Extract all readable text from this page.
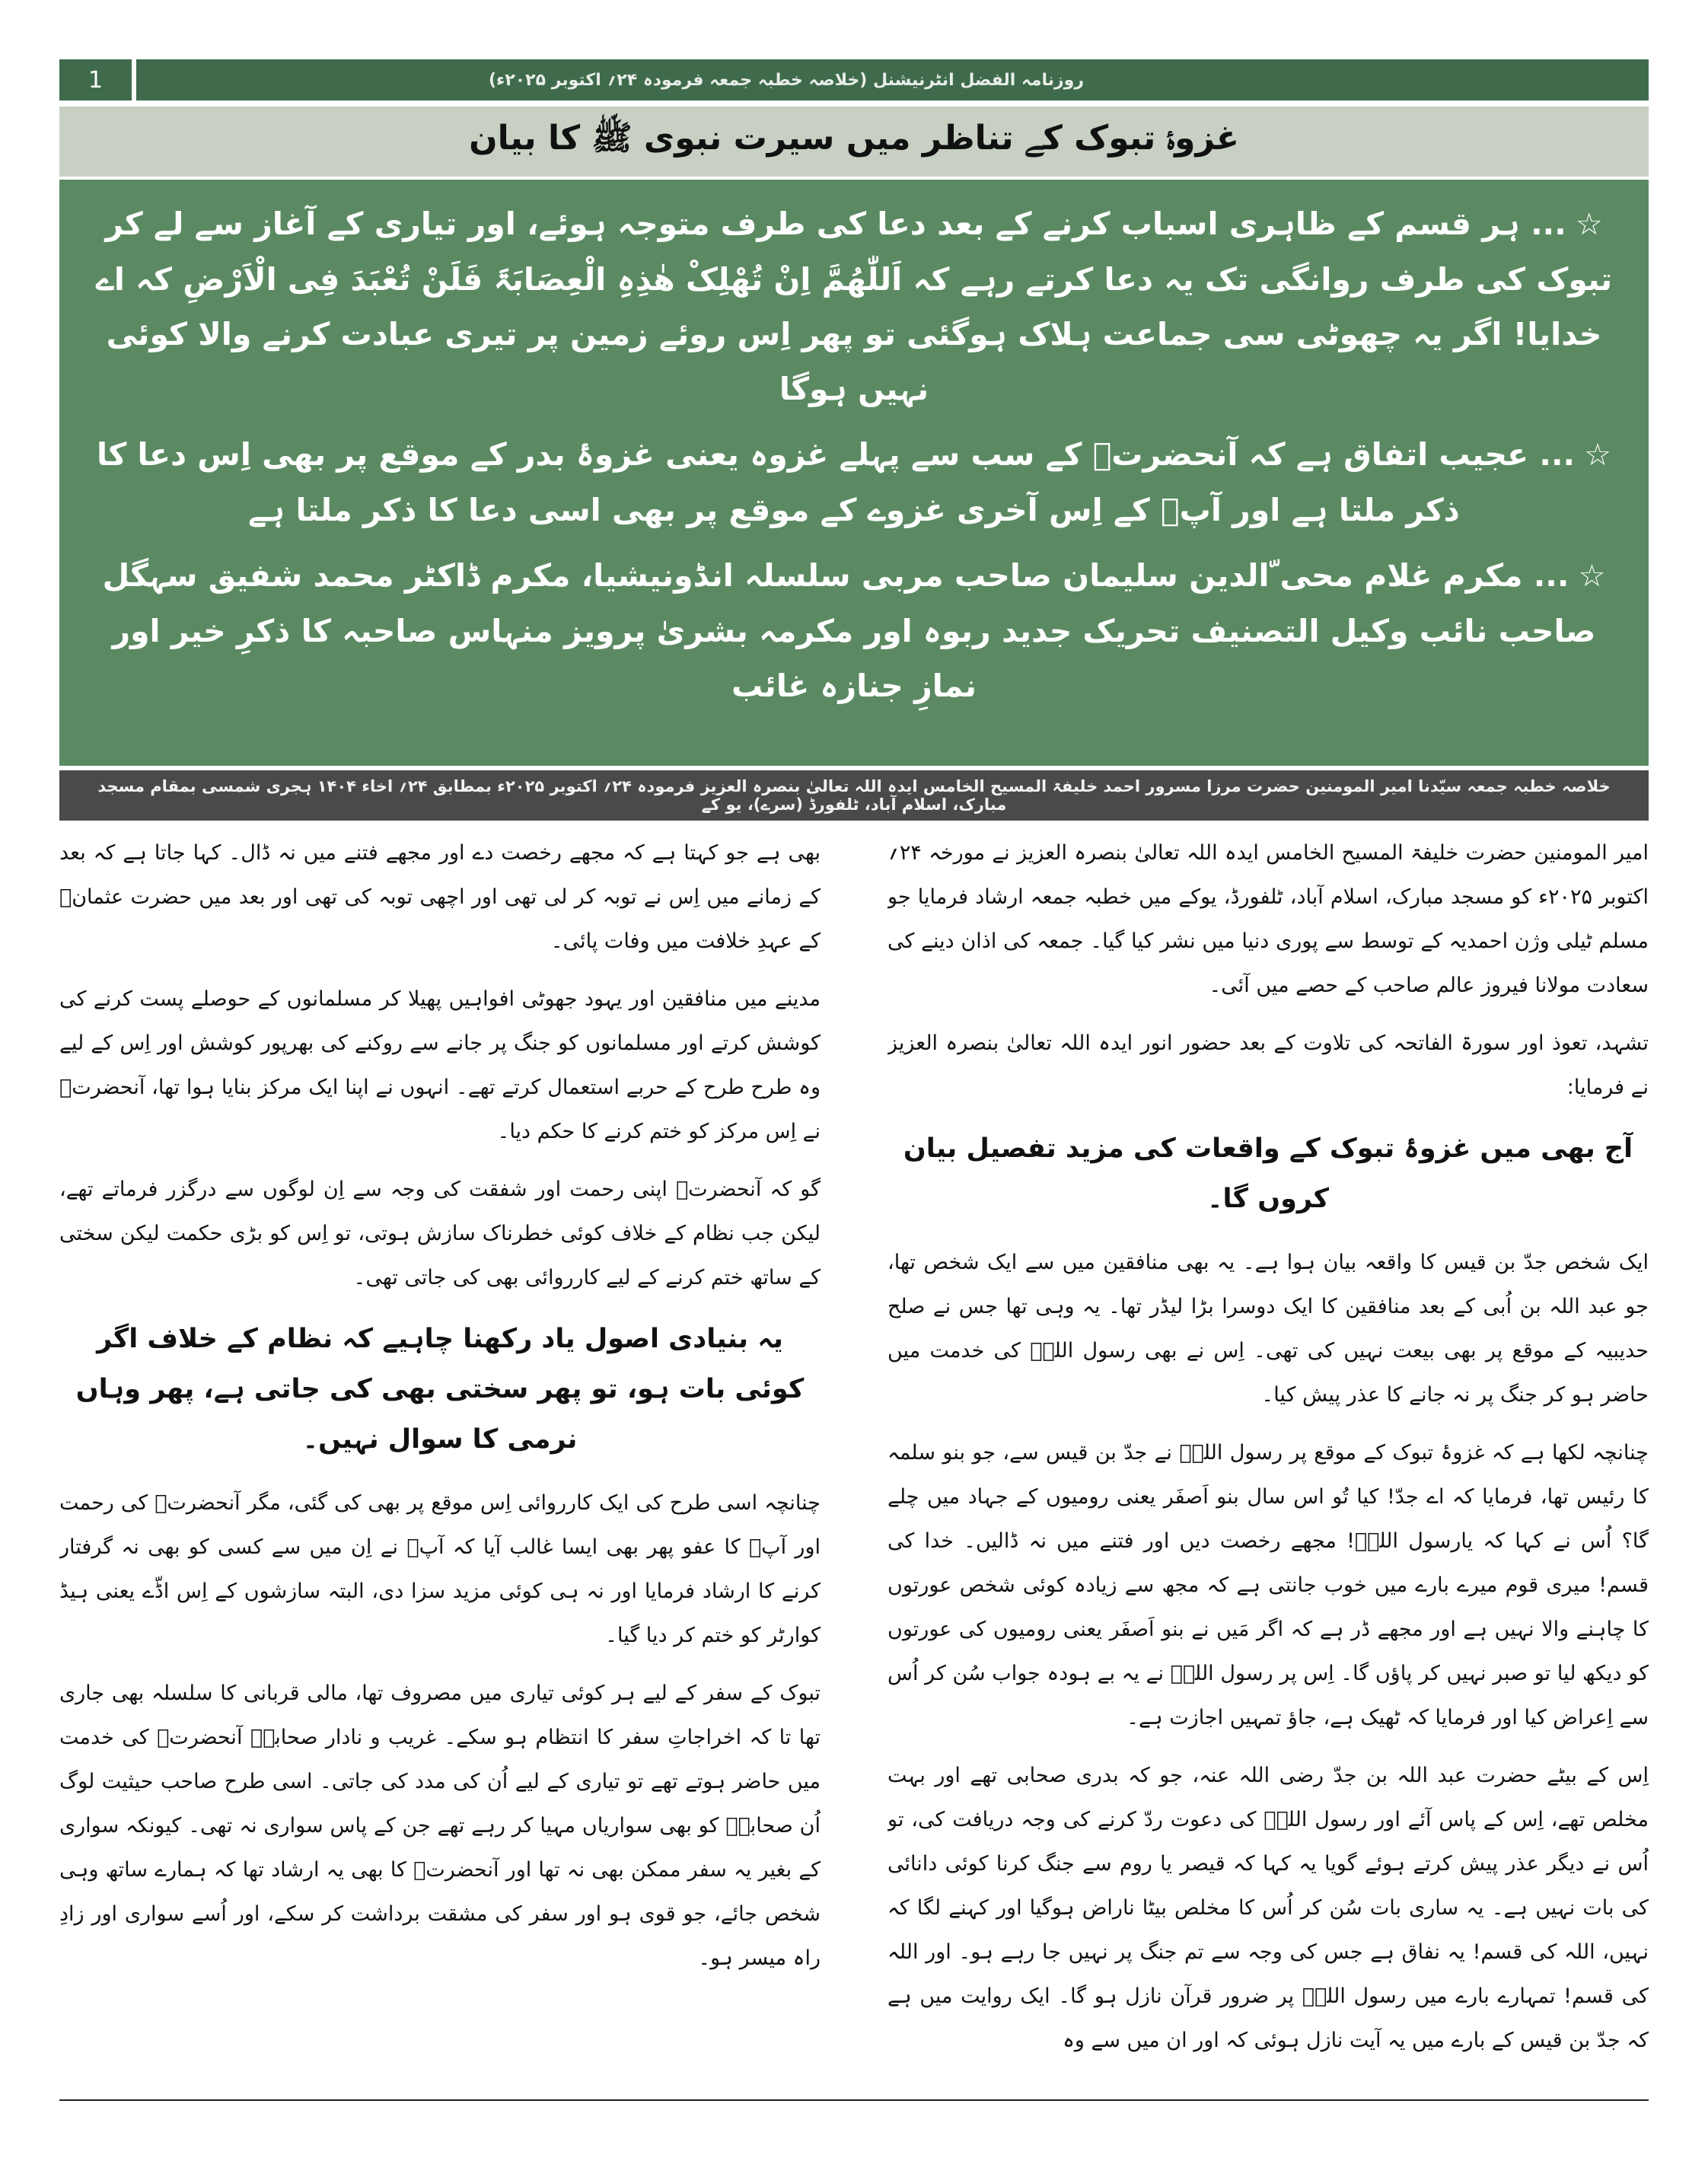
1	روزنامہ الفضل انٹرنیشنل (خلاصہ خطبہ جمعہ فرمودہ ۲۴؍ اکتوبر ۲۰۲۵ء)
غزوۂ تبوک کے تناظر میں سیرت نبوی ﷺ کا بیان

☆... ہر قسم کے ظاہری اسباب کرنے کے بعد دعا کی طرف متوجہ ہوئے، اور تیاری کے آغاز سے لے کر تبوک کی طرف روانگی تک یہ دعا کرتے رہے کہ اَللّٰھُمَّ اِنْ تُھْلِکْ ھٰذِہِ الْعِصَابَۃَ فَلَنْ تُعْبَدَ فِی الْاَرْضِ کہ اے خدایا! اگر یہ چھوٹی سی جماعت ہلاک ہوگئی تو پھر اِس روئے زمین پر تیری عبادت کرنے والا کوئی نہیں ہوگا

☆... عجیب اتفاق ہے کہ آنحضرتؐ کے سب سے پہلے غزوہ یعنی غزوۂ بدر کے موقع پر بھی اِس دعا کا ذکر ملتا ہے اور آپؐ کے اِس آخری غزوے کے موقع پر بھی اسی دعا کا ذکر ملتا ہے

☆... مکرم غلام محی ّالدین سلیمان صاحب مربی سلسلہ انڈونیشیا، مکرم ڈاکٹر محمد شفیق سہگل صاحب نائب وکیل التصنیف تحریک جدید ربوہ اور مکرمہ بشریٰ پرویز منہاس صاحبہ کا ذکرِ خیر اور نمازِ جنازہ غائب

خلاصہ خطبہ جمعہ سیّدنا امیر المومنین حضرت مرزا مسرور احمد خلیفۃ المسیح الخامس ایدہ اللہ تعالیٰ بنصرہ العزیز فرمودہ ۲۴؍ اکتوبر ۲۰۲۵ء بمطابق ۲۴؍ اخاء ۱۴۰۴ ہجری شمسی بمقام مسجد مبارک، اسلام آباد، ٹلفورڈ (سرے)، یو کے

امیر المومنین حضرت خلیفۃ المسیح الخامس ایدہ اللہ تعالیٰ بنصرہ العزیز نے مورخہ ۲۴؍ اکتوبر ۲۰۲۵ء کو مسجد مبارک، اسلام آباد، ٹلفورڈ، یوکے میں خطبہ جمعہ ارشاد فرمایا جو مسلم ٹیلی وژن احمدیہ کے توسط سے پوری دنیا میں نشر کیا گیا۔ جمعہ کی اذان دینے کی سعادت مولانا فیروز عالم صاحب کے حصے میں آئی۔

تشہد، تعوذ اور سورۃ الفاتحہ کی تلاوت کے بعد حضور انور ایدہ اللہ تعالیٰ بنصرہ العزیز نے فرمایا:

آج بھی میں غزوۂ تبوک کے واقعات کی مزید تفصیل بیان کروں گا۔

ایک شخص جدّ بن قیس کا واقعہ بیان ہوا ہے۔ یہ بھی منافقین میں سے ایک شخص تھا، جو عبد اللہ بن اُبی کے بعد منافقین کا ایک دوسرا بڑا لیڈر تھا۔ یہ وہی تھا جس نے صلح حدیبیہ کے موقع پر بھی بیعت نہیں کی تھی۔ اِس نے بھی رسول اللہؐ کی خدمت میں حاضر ہو کر جنگ پر نہ جانے کا عذر پیش کیا۔

چنانچہ لکھا ہے کہ غزوۂ تبوک کے موقع پر رسول اللہؐ نے جدّ بن قیس سے، جو بنو سلمہ کا رئیس تھا، فرمایا کہ اے جدّ! کیا تُو اس سال بنو اَصفَر یعنی رومیوں کے جہاد میں چلے گا؟ اُس نے کہا کہ یارسول اللہؐ! مجھے رخصت دیں اور فتنے میں نہ ڈالیں۔ خدا کی قسم! میری قوم میرے بارے میں خوب جانتی ہے کہ مجھ سے زیادہ کوئی شخص عورتوں کا چاہنے والا نہیں ہے اور مجھے ڈر ہے کہ اگر مَیں نے بنو اَصفَر یعنی رومیوں کی عورتوں کو دیکھ لیا تو صبر نہیں کر پاؤں گا۔ اِس پر رسول اللہؐ نے یہ بے ہودہ جواب سُن کر اُس سے اِعراض کیا اور فرمایا کہ ٹھیک ہے، جاؤ تمہیں اجازت ہے۔

اِس کے بیٹے حضرت عبد اللہ بن جدّ رضی اللہ عنہ، جو کہ بدری صحابی تھے اور بہت مخلص تھے، اِس کے پاس آئے اور رسول اللہؐ کی دعوت ردّ کرنے کی وجہ دریافت کی، تو اُس نے دیگر عذر پیش کرتے ہوئے گویا یہ کہا کہ قیصر یا روم سے جنگ کرنا کوئی دانائی کی بات نہیں ہے۔ یہ ساری بات سُن کر اُس کا مخلص بیٹا ناراض ہوگیا اور کہنے لگا کہ نہیں، اللہ کی قسم! یہ نفاق ہے جس کی وجہ سے تم جنگ پر نہیں جا رہے ہو۔ اور اللہ کی قسم! تمہارے بارے میں رسول اللہؐ پر ضرور قرآن نازل ہو گا۔ ایک روایت میں ہے کہ جدّ بن قیس کے بارے میں یہ آیت نازل ہوئی کہ اور ان میں سے وہ

بھی ہے جو کہتا ہے کہ مجھے رخصت دے اور مجھے فتنے میں نہ ڈال۔ کہا جاتا ہے کہ بعد کے زمانے میں اِس نے توبہ کر لی تھی اور اچھی توبہ کی تھی اور بعد میں حضرت عثمانؓ کے عہدِ خلافت میں وفات پائی۔

مدینے میں منافقین اور یہود جھوٹی افواہیں پھیلا کر مسلمانوں کے حوصلے پست کرنے کی کوشش کرتے اور مسلمانوں کو جنگ پر جانے سے روکنے کی بھرپور کوشش اور اِس کے لیے وہ طرح طرح کے حربے استعمال کرتے تھے۔ انہوں نے اپنا ایک مرکز بنایا ہوا تھا، آنحضرتؐ نے اِس مرکز کو ختم کرنے کا حکم دیا۔

گو کہ آنحضرتؐ اپنی رحمت اور شفقت کی وجہ سے اِن لوگوں سے درگزر فرماتے تھے، لیکن جب نظام کے خلاف کوئی خطرناک سازش ہوتی، تو اِس کو بڑی حکمت لیکن سختی کے ساتھ ختم کرنے کے لیے کارروائی بھی کی جاتی تھی۔

یہ بنیادی اصول یاد رکھنا چاہیے کہ نظام کے خلاف اگر کوئی بات ہو، تو پھر سختی بھی کی جاتی ہے، پھر وہاں نرمی کا سوال نہیں۔

چنانچہ اسی طرح کی ایک کارروائی اِس موقع پر بھی کی گئی، مگر آنحضرتؐ کی رحمت اور آپؐ کا عفو پھر بھی ایسا غالب آیا کہ آپؐ نے اِن میں سے کسی کو بھی نہ گرفتار کرنے کا ارشاد فرمایا اور نہ ہی کوئی مزید سزا دی، البتہ سازشوں کے اِس اڈّے یعنی ہیڈ کوارٹر کو ختم کر دیا گیا۔

تبوک کے سفر کے لیے ہر کوئی تیاری میں مصروف تھا، مالی قربانی کا سلسلہ بھی جاری تھا تا کہ اخراجاتِ سفر کا انتظام ہو سکے۔ غریب و نادار صحابہؓ آنحضرتؐ کی خدمت میں حاضر ہوتے تھے تو تیاری کے لیے اُن کی مدد کی جاتی۔ اسی طرح صاحب حیثیت لوگ اُن صحابہؓ کو بھی سواریاں مہیا کر رہے تھے جن کے پاس سواری نہ تھی۔ کیونکہ سواری کے بغیر یہ سفر ممکن بھی نہ تھا اور آنحضرتؐ کا بھی یہ ارشاد تھا کہ ہمارے ساتھ وہی شخص جائے، جو قوی ہو اور سفر کی مشقت برداشت کر سکے، اور اُسے سواری اور زادِ راہ میسر ہو۔
